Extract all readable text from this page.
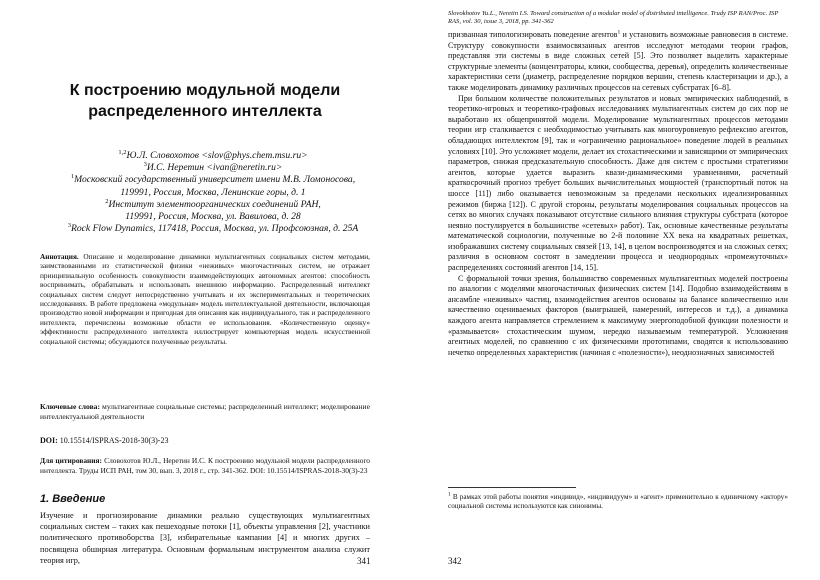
К построению модульной модели распределенного интеллекта
$^{1,2}$Ю.Л. Словохотов <slov@phys.chem.msu.ru>
$^3$И.С. Неретин <ivan@neretin.ru>
$^1$Московский государственный университет имени М.В. Ломоносова,
119991, Россия, Москва, Ленинские горы, д. 1
$^2$Институт элементоорганических соединений РАН,
119991, Россия, Москва, ул. Вавилова, д. 28
$^3$Rock Flow Dynamics, 117418, Россия, Москва, ул. Профсоюзная, д. 25А
Аннотация. Описание и моделирование динамики мультиагентных социальных систем методами, заимствованными из статистической физики «неживых» многочастичных систем, не отражает принципиальную особенность совокупности взаимодействующих автономных агентов: способность воспринимать, обрабатывать и использовать внешнюю информацию. Распределенный интеллект социальных систем следует непосредственно учитывать и их экспериментальных и теоретических исследованиях. В работе предложена «модульная» модель интеллектуальной деятельности, включающая производство новой информации и пригодная для описания как индивидуального, так и распределенного интеллекта, перечислены возможные области ее использования. «Количественную оценку» эффективности распределенного интеллекта иллюстрирует компьютерная модель искусственной социальной системы; обсуждаются полученные результаты.
Ключевые слова: мультиагентные социальные системы; распределенный интеллект; моделирование интеллектуальной деятельности
DOI: 10.15514/ISPRAS-2018-30(3)-23
Для цитирования: Словохотов Ю.Л., Неретин И.С. К построению модульной модели распределенного интеллекта. Труды ИСП РАН, том 30, вып. 3, 2018 г., стр. 341-362. DOI: 10.15514/ISPRAS-2018-30(3)-23
1. Введение
Изучение и прогнозирование динамики реально существующих мультиагентных социальных систем – таких как пешеходные потоки [1], объекты управления [2], участники политического противоборства [3], избирательные кампании [4] и многих других – посвящена обширная литература. Основным формальным инструментом анализа служит теория игр,	341
Slovokhotov Yu.L., Neretin I.S. Toward construction of a modular model of distributed intelligence. Trudy ISP RAN/Proc. ISP RAS, vol. 30, issue 3, 2018, pp. 341-362

призванная типологизировать поведение агентов$^1$ и установить возможные равновесия в системе. Структуру совокупности взаимосвязанных агентов исследуют методами теории графов, представляя эти системы в виде сложных сетей [5]. Это позволяет выделить характерные структурные элементы (концентраторы, клики, сообщества, деревья), определить количественные характеристики сети (диаметр, распределение порядков вершин, степень кластеризации и др.), а также моделировать динамику различных процессов на сетевых субстратах [6–8].

При большом количестве положительных результатов и новых эмпирических наблюдений, в теоретико-игровых и теоретико-графовых исследованиях мультиагентных систем до сих пор не выработано их общепринятой модели. Моделирование мультиагентных процессов методами теории игр сталкивается с необходимостью учитывать как многоуровневую рефлексию агентов, обладающих интеллектом [9], так и «ограниченно рациональное» поведение людей в реальных условиях [10]. Это усложняет модели, делает их стохастическими и зависящими от эмпирических параметров, снижая предсказательную способность. Даже для систем с простыми стратегиями агентов, которые удается выразить квази-динамическими уравнениями, расчетный краткосрочный прогноз требует больших вычислительных мощностей (транспортный поток на шоссе [11]) либо оказывается невозможным за пределами нескольких идеализированных режимов (биржа [12]). С другой стороны, результаты моделирования социальных процессов на сетях во многих случаях показывают отсутствие сильного влияния структуры субстрата (которое неявно постулируется в большинстве «сетевых» работ). Так, основные качественные результаты математической социологии, полученные во 2-й половине ХХ века на квадратных решетках, изображавших систему социальных связей [13, 14], в целом воспроизводятся и на сложных сетях; различия в основном состоят в замедлении процесса и неоднородных «промежуточных» распределениях состояний агентов [14, 15].

С формальной точки зрения, большинство современных мультиагентных моделей построены по аналогии с моделями многочастичных физических систем [14]. Подобно взаимодействиям в ансамбле «неживых» частиц, взаимодействия агентов основаны на балансе количественно или качественно оцениваемых факторов (выигрышей, намерений, интересов и т.д.), а динамика каждого агента направляется стремлением к максимуму энергоподобной функции полезности и «размывается» стохастическим шумом, нередко называемым температурой. Усложнения агентных моделей, по сравнению с их физическими прототипами, сводятся к использованию нечетко определенных характеристик (начиная с «полезности»), неоднозначных зависимостей

$^1$ В рамках этой работы понятия «индивид», «индивидуум» и «агент» применительно к единичному «актору» социальной системы используются как синонимы.
342
